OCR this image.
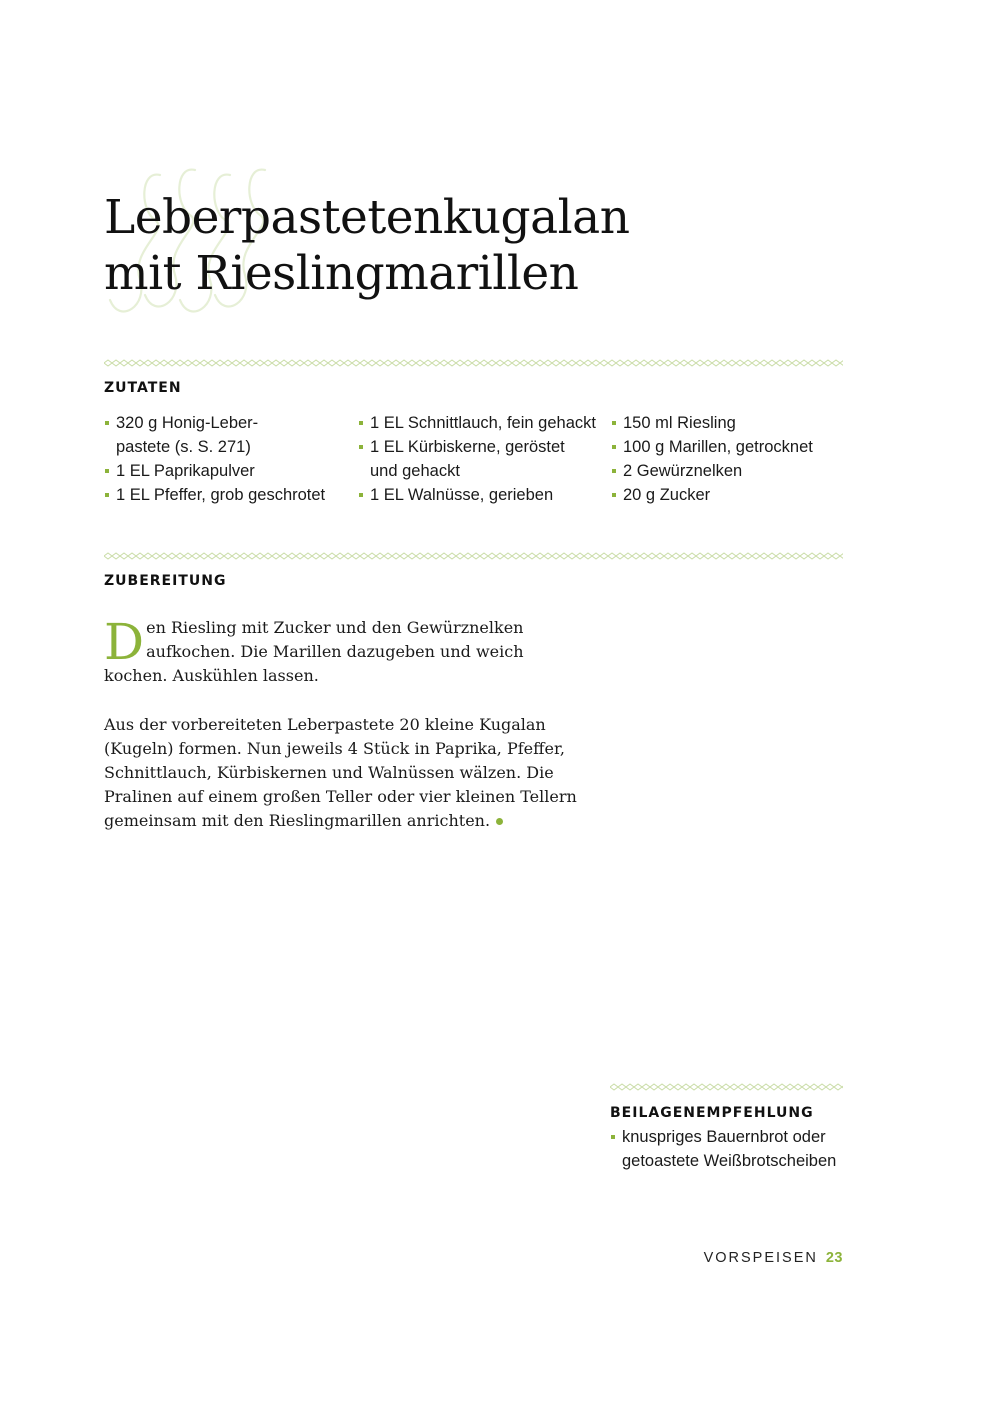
Leberpastetenkugalan
mit Rieslingmarillen
ZUTATEN
320 g Honig-Leber-
pastete (s. S. 271)
1 EL Paprikapulver
1 EL Pfeffer, grob geschrotet
1 EL Schnittlauch, fein gehackt
1 EL Kürbiskerne, geröstet
und gehackt
1 EL Walnüsse, gerieben
150 ml Riesling
100 g Marillen, getrocknet
2 Gewürznelken
20 g Zucker
ZUBEREITUNG

Den Riesling mit Zucker und den Gewürznelken aufkochen. Die Marillen dazugeben und weich kochen. Auskühlen lassen.

Aus der vorbereiteten Leberpastete 20 kleine Kugalan (Kugeln) formen. Nun jeweils 4 Stück in Paprika, Pfeffer, Schnittlauch, Kürbiskernen und Walnüssen wälzen. Die Pralinen auf einem großen Teller oder vier kleinen Tellern gemeinsam mit den Rieslingmarillen anrichten.

BEILAGENEMPFEHLUNG
knuspriges Bauernbrot oder getoastete Weißbrotscheiben
VORSPEISEN 23
